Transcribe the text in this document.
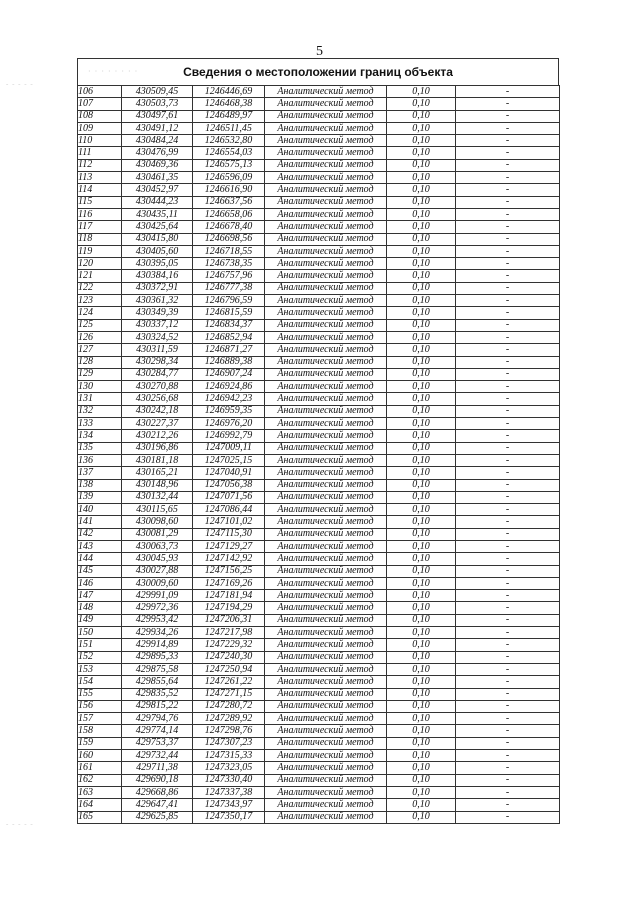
5
· · · · · · · ·
- - - - -
- - - - -
Сведения о местоположении границ объекта
106	430509,45	1246446,69	Аналитический метод	0,10	-
107	430503,73	1246468,38	Аналитический метод	0,10	-
108	430497,61	1246489,97	Аналитический метод	0,10	-
109	430491,12	1246511,45	Аналитический метод	0,10	-
110	430484,24	1246532,80	Аналитический метод	0,10	-
111	430476,99	1246554,03	Аналитический метод	0,10	-
112	430469,36	1246575,13	Аналитический метод	0,10	-
113	430461,35	1246596,09	Аналитический метод	0,10	-
114	430452,97	1246616,90	Аналитический метод	0,10	-
115	430444,23	1246637,56	Аналитический метод	0,10	-
116	430435,11	1246658,06	Аналитический метод	0,10	-
117	430425,64	1246678,40	Аналитический метод	0,10	-
118	430415,80	1246698,56	Аналитический метод	0,10	-
119	430405,60	1246718,55	Аналитический метод	0,10	-
120	430395,05	1246738,35	Аналитический метод	0,10	-
121	430384,16	1246757,96	Аналитический метод	0,10	-
122	430372,91	1246777,38	Аналитический метод	0,10	-
123	430361,32	1246796,59	Аналитический метод	0,10	-
124	430349,39	1246815,59	Аналитический метод	0,10	-
125	430337,12	1246834,37	Аналитический метод	0,10	-
126	430324,52	1246852,94	Аналитический метод	0,10	-
127	430311,59	1246871,27	Аналитический метод	0,10	-
128	430298,34	1246889,38	Аналитический метод	0,10	-
129	430284,77	1246907,24	Аналитический метод	0,10	-
130	430270,88	1246924,86	Аналитический метод	0,10	-
131	430256,68	1246942,23	Аналитический метод	0,10	-
132	430242,18	1246959,35	Аналитический метод	0,10	-
133	430227,37	1246976,20	Аналитический метод	0,10	-
134	430212,26	1246992,79	Аналитический метод	0,10	-
135	430196,86	1247009,11	Аналитический метод	0,10	-
136	430181,18	1247025,15	Аналитический метод	0,10	-
137	430165,21	1247040,91	Аналитический метод	0,10	-
138	430148,96	1247056,38	Аналитический метод	0,10	-
139	430132,44	1247071,56	Аналитический метод	0,10	-
140	430115,65	1247086,44	Аналитический метод	0,10	-
141	430098,60	1247101,02	Аналитический метод	0,10	-
142	430081,29	1247115,30	Аналитический метод	0,10	-
143	430063,73	1247129,27	Аналитический метод	0,10	-
144	430045,93	1247142,92	Аналитический метод	0,10	-
145	430027,88	1247156,25	Аналитический метод	0,10	-
146	430009,60	1247169,26	Аналитический метод	0,10	-
147	429991,09	1247181,94	Аналитический метод	0,10	-
148	429972,36	1247194,29	Аналитический метод	0,10	-
149	429953,42	1247206,31	Аналитический метод	0,10	-
150	429934,26	1247217,98	Аналитический метод	0,10	-
151	429914,89	1247229,32	Аналитический метод	0,10	-
152	429895,33	1247240,30	Аналитический метод	0,10	-
153	429875,58	1247250,94	Аналитический метод	0,10	-
154	429855,64	1247261,22	Аналитический метод	0,10	-
155	429835,52	1247271,15	Аналитический метод	0,10	-
156	429815,22	1247280,72	Аналитический метод	0,10	-
157	429794,76	1247289,92	Аналитический метод	0,10	-
158	429774,14	1247298,76	Аналитический метод	0,10	-
159	429753,37	1247307,23	Аналитический метод	0,10	-
160	429732,44	1247315,33	Аналитический метод	0,10	-
161	429711,38	1247323,05	Аналитический метод	0,10	-
162	429690,18	1247330,40	Аналитический метод	0,10	-
163	429668,86	1247337,38	Аналитический метод	0,10	-
164	429647,41	1247343,97	Аналитический метод	0,10	-
165	429625,85	1247350,17	Аналитический метод	0,10	-
